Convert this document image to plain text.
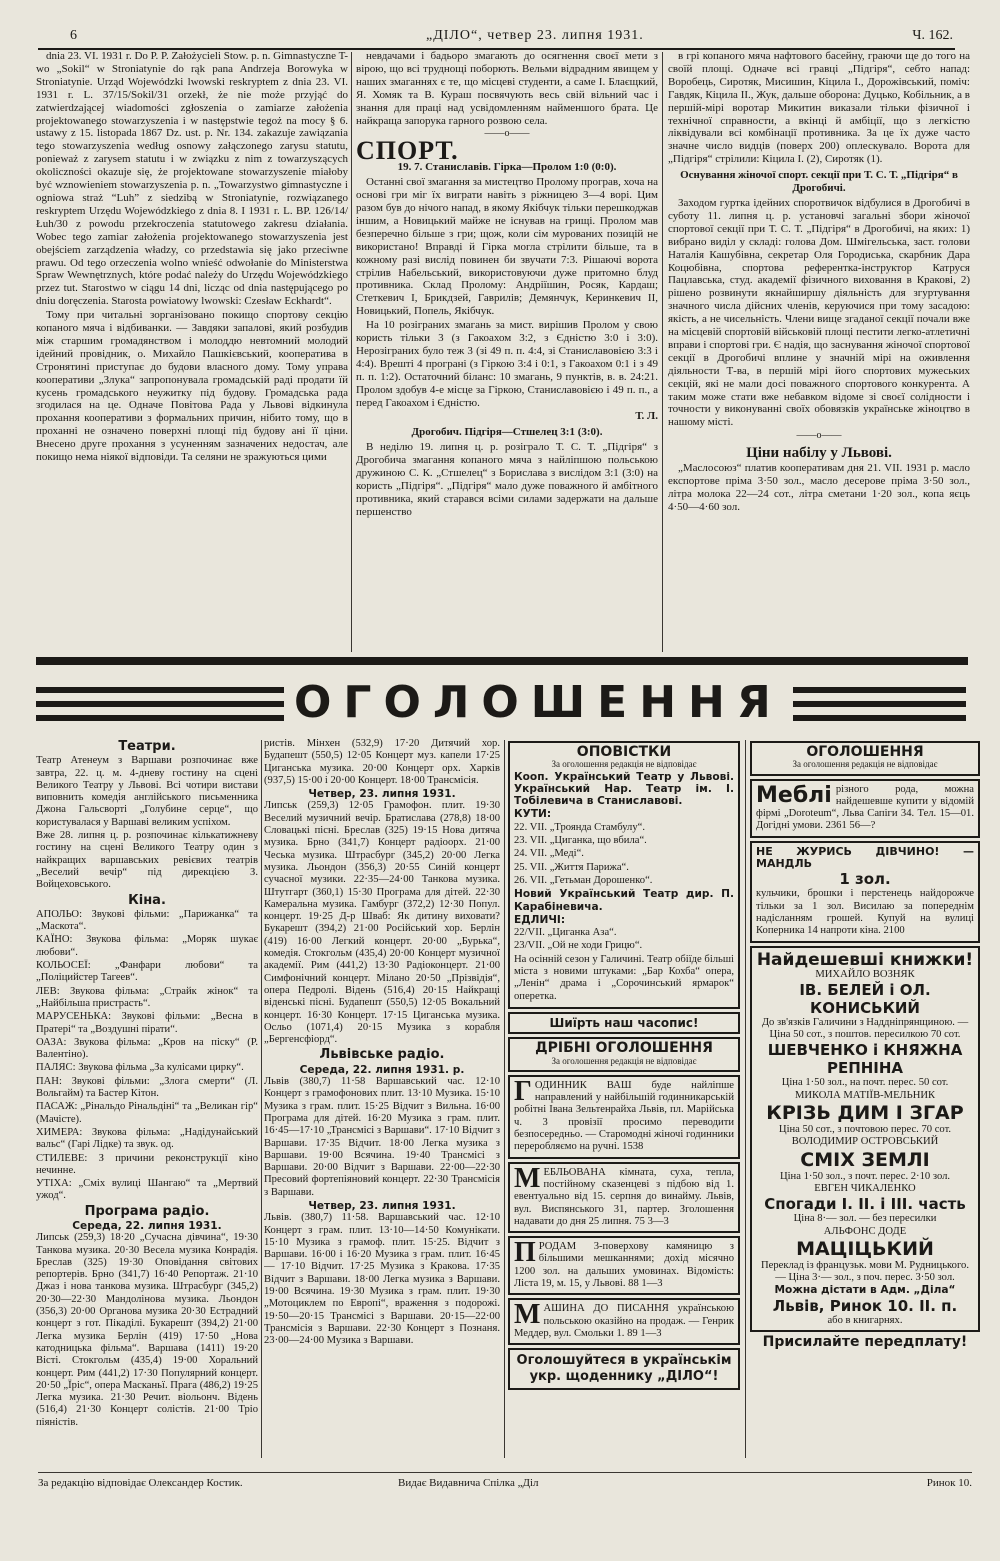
6	„ДІЛО“, четвер 23. липня 1931.	Ч. 162.

dnia 23. VI. 1931 r. Do P. P. Założycieli Stow. p. n. Gimnastyczne T-wo „Sokil“ w Stroniatynie do rąk pana Andrzeja Borowyka w Stroniatynie. Urząd Wojewódzki lwowski reskryptem z dnia 23. VI. 1931 r. L. 37/15/Sokil/31 orzekł, że nie może przyjąć do zatwierdzającej wiadomości zgłoszenia o zamiarze założenia projektowanego stowarzyszenia i w następstwie tegoż na mocy § 6. ustawy z 15. listopada 1867 Dz. ust. p. Nr. 134. zakazuje zawiązania tego stowarzyszenia według osnowy załączonego zarysu statutu, ponieważ z zarysem statutu i w związku z nim z towarzyszących okoliczności okazuje się, że projektowane stowarzyszenie miałoby być wznowieniem stowarzyszenia p. n. „Towarzystwo gimnastyczne i ogniowa straż “Luh” z siedzibą w Stroniatynie, rozwiązanego reskryptem Urzędu Wojewódzkiego z dnia 8. I 1931 r. L. BP. 126/14/Łuh/30 z powodu przekroczenia statutowego zakresu działania. Wobec tego zamiar założenia projektowanego stowarzyszenia jest obejściem zarządzenia władzy, co przedstawia się jako przeciwne prawu. Od tego orzeczenia wolno wnieść odwołanie do Ministerstwa Spraw Wewnętrznych, które podać należy do Urzędu Wojewódzkiego przez tut. Starostwo w ciągu 14 dni, licząc od dnia następującego po dniu doręczenia. Starosta powiatowy lwowski: Czesław Eckhardt“.

Тому при читальні зорганізовано покищо спортову секцію копаного мяча і відбиванки. — Завдяки запалові, який розбудив між старшим громадянством і молоддю невтомний молодий ідейний провідник, о. Михайло Пашкієвський, кооператива в Стронятині приступає до будови власного дому. Тому управа кооперативи „Злука“ запропонувала громадській раді продати їй кусень громадського неужитку під будову. Громадська рада згодилася на це. Одначе Повітова Рада у Львові відкинула прохання кооперативи з формальних причин, нібито тому, що в проханні не означено поверхні площі під будову ані її ціни. Внесено друге прохання з усуненням зазначених недостач, але покищо нема ніякої відповіди. Та селяни не зражуються цими

невдачами і бадьоро змагають до осягнення своєї мети з вірою, що всі труднощі поборють. Вельми відрадним явищем у наших змаганнях є те, що місцеві студенти, а саме І. Блаєщкий, Я. Хомяк та В. Кураш посвячують весь свій вільний час і знання для праці над усвідомленням найменшого брата. Це найкраща запорука гарного розвою села.

——o——
СПОРТ.
19. 7. Станиславів. Гірка—Пролом 1:0 (0:0).

Останні свої змагання за мистецтво Пролому програв, хоча на основі гри міг їх виграти навіть з ріжницею 3—4 ворі. Цим разом був до нічого напад, в якому Якібчук тільки перешкоджав іншим, а Новицький майже не існував на грищі. Пролом мав безперечно більше з гри; щож, коли сім мурованих позицій не використано! Вправді й Гірка могла стрілити більше, та в кожному разі вислід повинен би звучати 7:3. Рішаючі ворота стрілив Набельський, використовуючи дуже притомно блуд противника. Склад Пролому: Андріїшин, Росяк, Кардаш; Стеткевич І, Брикдзей, Гаврилів; Демянчук, Керинкевич ІІ, Новицький, Попель, Якібчук.

На 10 розіграних змагань за мист. вирішив Пролом у свою користь тільки 3 (з Гакоахом 3:2, з Єдністю 3:0 і 3:0). Нерозіграних було теж 3 (зі 49 п. п. 4:4, зі Станиславовією 3:3 і 4:4). Врешті 4 програні (з Гіркою 3:4 і 0:1, з Гакоахом 0:1 і з 49 п. п. 1:2). Остаточний біланс: 10 змагань, 9 пунктів, в. в. 24:21. Пролом здобув 4-е місце за Гіркою, Станиславовією і 49 п. п., а перед Гакоахом і Єдністю.

Т. Л.
Дрогобич. Підгіря—Стшелец 3:1 (3:0).

В неділю 19. липня ц. р. розіграло Т. С. Т. „Підгіря“ з Дрогобича змагання копаного мяча з найліпшою польською дружиною С. К. „Стшелец“ з Борислава з вислідом 3:1 (3:0) на користь „Підгіря“. „Підгіря“ мало дуже поважного й амбітного противника, який старався всіми силами задержати на дальше першенство

в грі копаного мяча нафтового басейну, граючи ще до того на своїй площі. Одначе всі гравці „Підгіря“, себто напад: Воробець, Сиротяк, Мисишин, Кіцила І., Дорожівський, поміч: Гавдяк, Кіцила ІІ., Жук, дальше оборона: Дуцько, Кобільник, а в першій-мірі воротар Микитин виказали тільки фізичної і технічної справности, а вкінці й амбіції, що з легкістю ліквідували всі комбінації противника. За це їх дуже часто значне число видців (поверх 200) оплескувало. Ворота для „Підгіря“ стрілили: Кіцила І. (2), Сиротяк (1).

Оснування жіночої спорт. секції при Т. С. Т. „Підгіря“ в Дрогобичі.

Заходом гуртка ідейних споротвичок відбулися в Дрогобичі в суботу 11. липня ц. р. установчі загальні збори жіночої спортової секції при Т. С. Т. „Підгіря“ в Дрогобичі, на яких: 1) вибрано виділ у складі: голова Дом. Шмігельська, заст. голови Наталія Кашубівна, секретар Оля Городиська, скарбник Дара Коцюбівна, спортова референтка-інструктор Катруся Пацлавська, студ. академії фізичного виховання в Кракові, 2) рішено розвинути якнайширшу діяльність для згуртування значного числа дійсних членів, керуючися при тому засадою: якість, а не чисельність. Члени вище згаданої секції почали вже на місцевій спортовій військовій площі пестити легко-атлетичні вправи і спортові гри. Є надія, що заснування жіночої спортової секції в Дрогобичі вплине у значній мірі на оживлення діяльности Т-ва, в першій мірі його спортових мужеських секцій, які не мали досі поважного спортового конкурента. А таким може стати вже небавком відоме зі своєї солідности і точности у виконуванні своїх обовязків українське жіноцтво в нашому місті.

——o——
Ціни набілу у Львові.

„Маслосоюз“ платив кооперативам дня 21. VII. 1931 р. масло експортове пріма 3·50 зол., масло десерове пріма 3·50 зол., літра молока 22—24 сот., літра сметани 1·20 зол., копа яєць 4·50—4·60 зол.

ОГОЛОШЕННЯ
Театри.

Театр Атенеум з Варшави розпочинає вже завтра, 22. ц. м. 4-дневу гостину на сцені Великого Театру у Львові. Всі чотири вистави виповнить комедія англійського письменника Джона Гальсворті „Голубине серце“, що користувалася у Варшаві великим успіхом.

Вже 28. липня ц. р. розпочинає кількатижневу гостину на сцені Великого Театру один з найкращих варшавських ревієвих театрів „Веселий вечір“ під дирекцією З. Войцеховського.

Кіна.

АПОЛЬО: Звукові фільми: „Парижанка“ та „Маскота“.

КАЇНО: Звукова фільма: „Моряк шукає любови“.

КОЛЬОСЕЇ: „Фанфари любови“ та „Поліцийстер Тагеев“.

ЛЕВ: Звукова фільма: „Страйк жінок“ та „Найбільша пристрасть“.

МАРУСЕНЬКА: Звукові фільми: „Весна в Пратері“ та „Воздушні пірати“.

ОАЗА: Звукова фільма: „Кров на піску“ (Р. Валентіно).

ПАЛЯС: Звукова фільма „За кулісами цирку“.

ПАН: Звукові фільми: „Злога смерти“ (Л. Вольгайм) та Бастер Кітон.

ПАСАЖ: „Рінальдо Рінальдіні“ та „Великан гір“ (Мачісте).

ХИМЕРА: Звукова фільма: „Надідунайський вальс“ (Гарі Лідке) та звук. од.

СТИЛЕВЕ: З причини реконструкції кіно нечинне.

УТІХА: „Сміх вулиці Шангаю“ та „Мертвий ужод“.

Програма радіо.
Середа, 22. липня 1931.

Липськ (259,3) 18·20 „Сучасна дівчина“, 19·30 Танкова музика. 20·30 Весела музика Конрадія. Бреслав (325) 19·30 Оповідання світових репортерів. Брно (341,7) 16·40 Репортаж. 21·10 Джаз і нова танкова музика. Штрасбург (345,2) 20·30—22·30 Мандолінова музика. Льондон (356,3) 20·00 Органова музика 20·30 Естрадний концерт з гот. Пікаділі. Букарешт (394,2) 21·00 Легка музика Берлін (419) 17·50 „Нова катодницька фільма“. Варшава (1411) 19·20 Вісті. Стокгольм (435,4) 19·00 Хоральний концерт. Рим (441,2) 17·30 Популярний концерт. 20·50 „Їріс“, опера Масканьї. Прага (486,2) 19·25 Легка музика. 21·30 Речит. віольонч. Відень (516,4) 21·30 Концерт солістів. 21·00 Тріо піяністів.

ристів. Мінхен (532,9) 17·20 Дитячий хор. Будапешт (550,5) 12·05 Концерт муз. капели 17·25 Циганська музика. 20·00 Концерт орх. Харків (937,5) 15·00 і 20·00 Концерт. 18·00 Трансмісія.

Четвер, 23. липня 1931.

Липськ (259,3) 12·05 Грамофон. плит. 19·30 Веселий музичний вечір. Братислава (278,8) 18·00 Словацькі пісні. Бреслав (325) 19·15 Нова дитяча музика. Брно (341,7) Концерт радіоорх. 21·00 Чеська музика. Штрасбург (345,2) 20·00 Легка музика. Льондон (356,3) 20·55 Синій концерт сучасної музики. 22·35—24·00 Танкова музика. Штутгарт (360,1) 15·30 Програма для дітей. 22·30 Камеральна музика. Гамбург (372,2) 12·30 Попул. концерт. 19·25 Д-р Шваб: Як дитину виховати? Букарешт (394,2) 21·00 Російський хор. Берлін (419) 16·00 Легкий концерт. 20·00 „Бурька“, комедія. Стокгольм (435,4) 20·00 Концерт музичної академії. Рим (441,2) 13·30 Радіоконцерт. 21·00 Симфонічний концерт. Мілано 20·50 „Прізвідія“, опера Педролі. Відень (516,4) 20·15 Найкращі віденські пісні. Будапешт (550,5) 12·05 Вокальний концерт. 16·30 Концерт. 17·15 Циганська музика. Осльо (1071,4) 20·15 Музика з корабля „Бергенсфіорд“.

Львівське радіо.
Середа, 22. липня 1931. р.

Львів (380,7) 11·58 Варшавський час. 12·10 Концерт з грамофонових плит. 13·10 Музика. 15·10 Музика з грам. плит. 15·25 Відчит з Вильна. 16·00 Програма для дітей. 16·20 Музика з грам. плит. 16·45—17·10 „Трансмісі з Варшави“. 17·10 Відчит з Варшави. 17·35 Відчит. 18·00 Легка музика з Варшави. 19·00 Всячина. 19·40 Трансмісі з Варшави. 20·00 Відчит з Варшави. 22·00—22·30 Пресовий фортепіяновий концерт. 22·30 Трансмісія з Варшави.

Четвер, 23. липня 1931.

Львів. (380,7) 11·58. Варшавський час. 12·10 Концерт з грам. плит. 13·10—14·50 Комунікати. 15·10 Музика з грамоф. плит. 15·25. Відчит з Варшави. 16·00 і 16·20 Музика з грам. плит. 16·45 — 17·10 Відчит. 17·25 Музика з Кракова. 17·35 Відчит з Варшави. 18·00 Легка музика з Варшави. 19·00 Всячина. 19·30 Музика з грам. плит. 19·30 „Мотоциклем по Европі“, враження з подорожі. 19·50—20·15 Трансмісі з Варшави. 20·15—22·00 Трансмісія з Варшави. 22·30 Концерт з Познаня. 23·00—24·00 Музика з Варшави.

ОПОВІСТКИ
За оголошення редакція не відповідає

Кооп. Український Театр у Львові. Український Нар. Театр ім. І. Тобілевича в Станиславові.

КУТИ:

22. VII. „Троянда Стамбулу“.

23. VII. „Циганка, що вбила“.

24. VII. „Меді“.

25. VII. „Життя Парижа“.

26. VII. „Гетьман Дорошенко“.

Новий Український Театр дир. П. Карабіневича.

ЕДЛИЧІ:

22/VII. „Циганка Аза“.

23/VII. „Ой не ходи Грицю“.

На осінній сезон у Галичині. Театр обіїде більші міста з новими штуками: „Бар Кохба“ опера, „Ленін“ драма і „Сорочинський ярмарок“ оперетка.

Шиїрть наш часопис!
ДРІБНІ ОГОЛОШЕННЯ
За оголошення редакція не відповідає
Г ОДИННИК ВАШ буде найліпше направлений у найбільшій годинникарській робітні Івана Зельтенрайха Львів, пл. Марійська ч. 3 провізії просимо переводити безпосередньо. — Старомодні жіночі годинники переробляємо на ручні. 1538
М ЕБЛЬОВАНА кімната, суха, тепла, постійному сказенцеві з підбою від 1. евентуально від 15. серпня до винайму. Львів, вул. Виспянського 31, партер. Зголошення надавати до дня 25 липня. 75 3—3
П РОДАМ 3-поверхову камяницю з більшими мешканнями; дохід місячно 1200 зол. на дальших умовинах. Відомість: Ліста 19, м. 15, у Львові. 88 1—3
М АШИНА ДО ПИСАННЯ українською польською оказійно на продаж. — Генрик Меддер, вул. Смольки 1. 89 1—3
Оголошуйтеся в українськім укр. щоденнику „ДІЛО“!
ОГОЛОШЕННЯ
За оголошення редакція не відповідає
Меблі різного рода, можна найдешевше купити у відомій фірмі „Doroteum“, Льва Сапіги 34. Тел. 15—01. Догідні умови. 2361 56—?
НЕ ЖУРИСЬ ДІВЧИНО! — МАНДЛЬ
1 зол.
кульчики, брошки і перстенець найдорожче тільки за 1 зол. Висилаю за попереднім надісланням грошей. Купуй на вулиці Коперника 14 напроти кіна. 2100
Найдешевші книжки!
МИХАЙЛО ВОЗНЯК
ІВ. БЕЛЕЙ і ОЛ. КОНИСЬКИЙ
До зв'язків Галичини з Наддніпрянщиною. — Ціна 50 сот., з поштов. пересилкою 70 сот.
ШЕВЧЕНКО і КНЯЖНА РЕПНІНА
Ціна 1·50 зол., на почт. перес. 50 сот.
МИКОЛА МАТІЇВ-МЕЛЬНИК
КРІЗЬ ДИМ І ЗГАР
Ціна 50 сот., з почтовою перес. 70 сот.
ВОЛОДИМИР ОСТРОВСЬКИЙ
СМІХ ЗЕМЛІ
Ціна 1·50 зол., з почт. перес. 2·10 зол.
ЕВГЕН ЧИКАЛЕНКО
Спогади І. ІІ. і ІІІ. часть
Ціна 8·— зол. — без пересилки
АЛЬФОНС ДОДЕ
МАЦІЦЬКИЙ
Переклад із французьк. мови М. Рудницького. — Ціна 3·— зол., з поч. перес. 3·50 зол.
Можна дістати в Адм. „Діла“
Львів, Ринок 10. ІІ. п.
або в книгарнях.
Присилайте передплату!
За редакцію відповідає Олександер Костик.	Видає Видавнича Спілка „Діл	Ринок 10.
